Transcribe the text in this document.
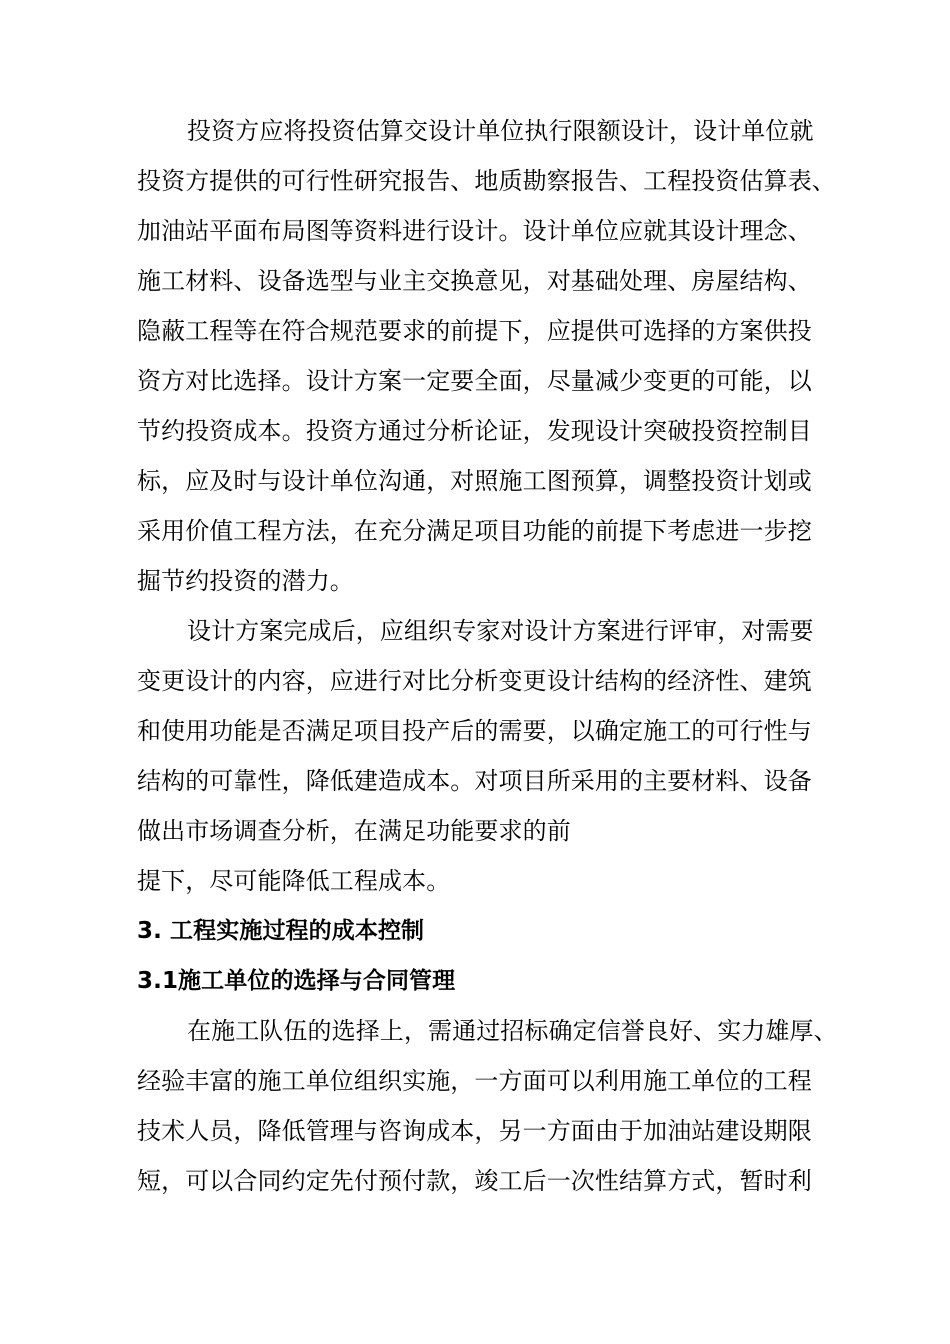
投资方应将投资估算交设计单位执行限额设计，设计单位就
投资方提供的可行性研究报告、地质勘察报告、工程投资估算表、
加油站平面布局图等资料进行设计。设计单位应就其设计理念、
施工材料、设备选型与业主交换意见，对基础处理、房屋结构、
隐蔽工程等在符合规范要求的前提下，应提供可选择的方案供投
资方对比选择。设计方案一定要全面，尽量减少变更的可能，以
节约投资成本。投资方通过分析论证，发现设计突破投资控制目
标，应及时与设计单位沟通，对照施工图预算，调整投资计划或
采用价值工程方法，在充分满足项目功能的前提下考虑进一步挖
掘节约投资的潜力。
设计方案完成后，应组织专家对设计方案进行评审，对需要
变更设计的内容，应进行对比分析变更设计结构的经济性、建筑
和使用功能是否满足项目投产后的需要，以确定施工的可行性与
结构的可靠性，降低建造成本。对项目所采用的主要材料、设备
做出市场调查分析，在满足功能要求的前
提下，尽可能降低工程成本。
3. 工程实施过程的成本控制
3.1施工单位的选择与合同管理
在施工队伍的选择上，需通过招标确定信誉良好、实力雄厚、
经验丰富的施工单位组织实施，一方面可以利用施工单位的工程
技术人员，降低管理与咨询成本，另一方面由于加油站建设期限
短，可以合同约定先付预付款，竣工后一次性结算方式，暂时利
